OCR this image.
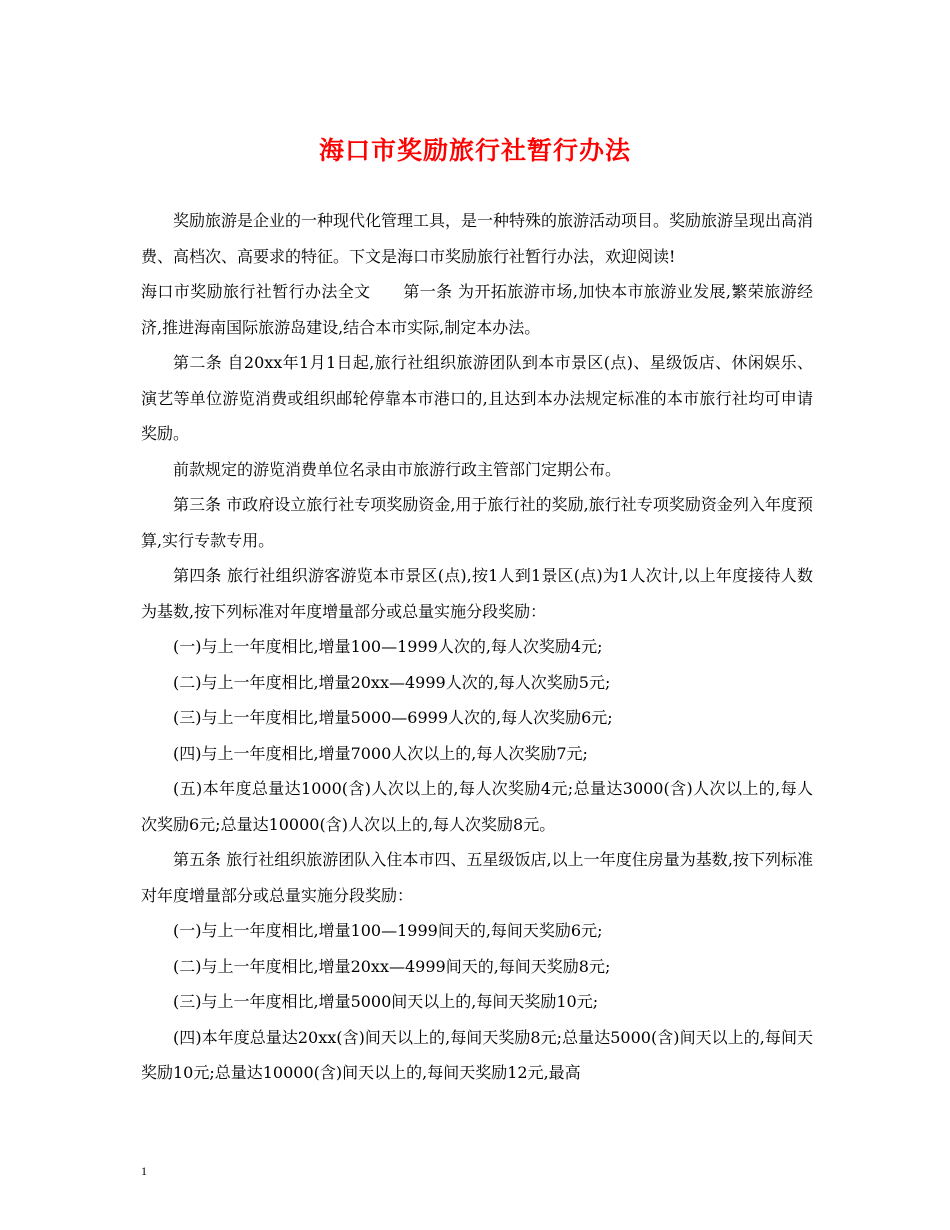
海口市奖励旅行社暂行办法

奖励旅游是企业的一种现代化管理工具，是一种特殊的旅游活动项目。奖励旅游呈现出高消费、高档次、高要求的特征。下文是海口市奖励旅行社暂行办法，欢迎阅读!

海口市奖励旅行社暂行办法全文　　第一条 为开拓旅游市场,加快本市旅游业发展,繁荣旅游经济,推进海南国际旅游岛建设,结合本市实际,制定本办法。

第二条 自20xx年1月1日起,旅行社组织旅游团队到本市景区(点)、星级饭店、休闲娱乐、演艺等单位游览消费或组织邮轮停靠本市港口的,且达到本办法规定标准的本市旅行社均可申请奖励。

前款规定的游览消费单位名录由市旅游行政主管部门定期公布。

第三条 市政府设立旅行社专项奖励资金,用于旅行社的奖励,旅行社专项奖励资金列入年度预算,实行专款专用。

第四条 旅行社组织游客游览本市景区(点),按1人到1景区(点)为1人次计,以上年度接待人数为基数,按下列标准对年度增量部分或总量实施分段奖励：

(一)与上一年度相比,增量100—1999人次的,每人次奖励4元;

(二)与上一年度相比,增量20xx—4999人次的,每人次奖励5元;

(三)与上一年度相比,增量5000—6999人次的,每人次奖励6元;

(四)与上一年度相比,增量7000人次以上的,每人次奖励7元;

(五)本年度总量达1000(含)人次以上的,每人次奖励4元;总量达3000(含)人次以上的,每人次奖励6元;总量达10000(含)人次以上的,每人次奖励8元。

第五条 旅行社组织旅游团队入住本市四、五星级饭店,以上一年度住房量为基数,按下列标准对年度增量部分或总量实施分段奖励：

(一)与上一年度相比,增量100—1999间天的,每间天奖励6元;

(二)与上一年度相比,增量20xx—4999间天的,每间天奖励8元;

(三)与上一年度相比,增量5000间天以上的,每间天奖励10元;

(四)本年度总量达20xx(含)间天以上的,每间天奖励8元;总量达5000(含)间天以上的,每间天奖励10元;总量达10000(含)间天以上的,每间天奖励12元,最高

1
